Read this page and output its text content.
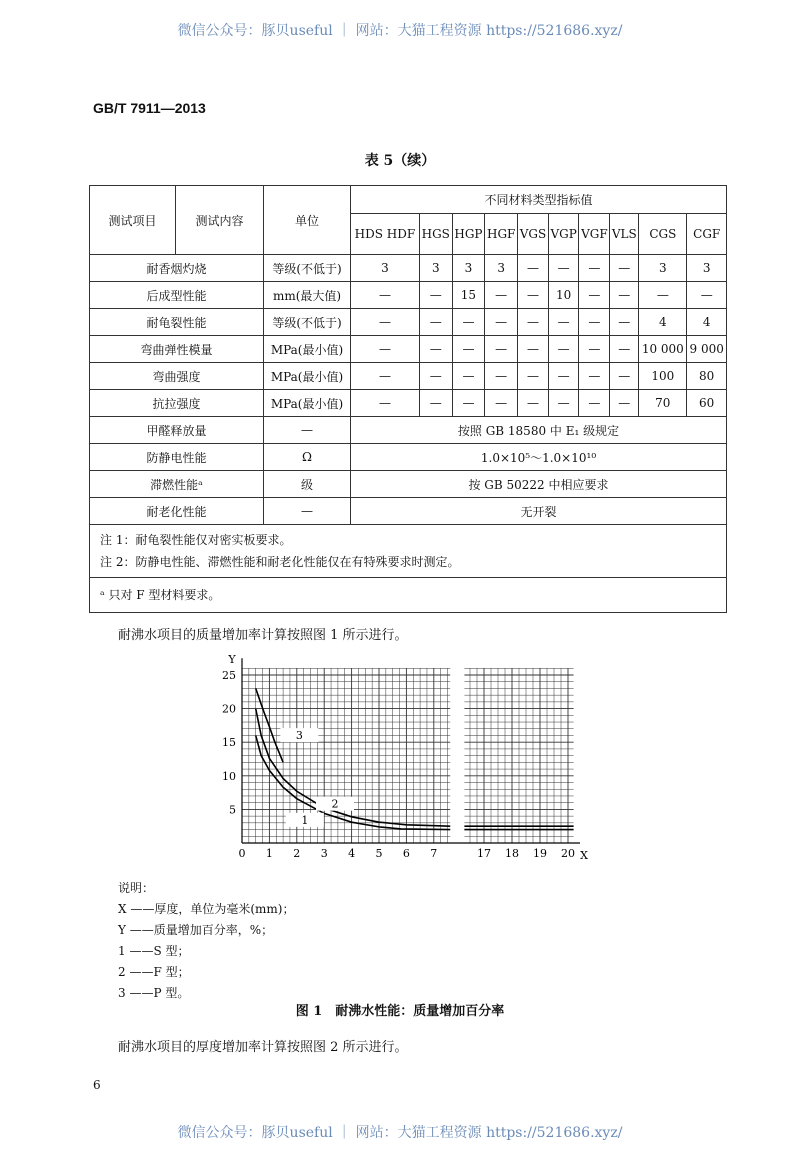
微信公众号：豚贝useful ｜ 网站：大猫工程资源 https://521686.xyz/
GB/T 7911—2013
表 5（续）
测试项目	测试内容	单位	不同材料类型指标值									
			HDS HDF	HGS	HGP	HGF	VGS	VGP	VGF	VLS	CGS	CGF
耐香烟灼烧		等级(不低于)	3	3	3	3	—	—	—	—	3	3
后成型性能		mm(最大值)	—	—	15	—	—	10	—	—	—	—
耐龟裂性能		等级(不低于)	—	—	—	—	—	—	—	—	4	4
弯曲弹性模量		MPa(最小值)	—	—	—	—	—	—	—	—	10 000	9 000
弯曲强度		MPa(最小值)	—	—	—	—	—	—	—	—	100	80
抗拉强度		MPa(最小值)	—	—	—	—	—	—	—	—	70	60
甲醛释放量		—	按照 GB 18580 中 E₁ 级规定									
防静电性能		Ω	1.0×10⁵～1.0×10¹⁰									
滞燃性能ᵃ		级	按 GB 50222 中相应要求									
耐老化性能		—	无开裂									

注 1：耐龟裂性能仅对密实板要求。
注 2：防静电性能、滞燃性能和耐老化性能仅在有特殊要求时测定。												

ᵃ 只对 F 型材料要求。												
耐沸水项目的质量增加率计算按照图 1 所示进行。
0 1 2 3 4 5 6 7	17 18 19 20
5
10
15
20
25
Y
X
1
2
3
说明：
X ——厚度，单位为毫米(mm)；
Y ——质量增加百分率，%；
1 ——S 型；
2 ——F 型；
3 ——P 型。
图 1　耐沸水性能：质量增加百分率
耐沸水项目的厚度增加率计算按照图 2 所示进行。
6
微信公众号：豚贝useful ｜ 网站：大猫工程资源 https://521686.xyz/
